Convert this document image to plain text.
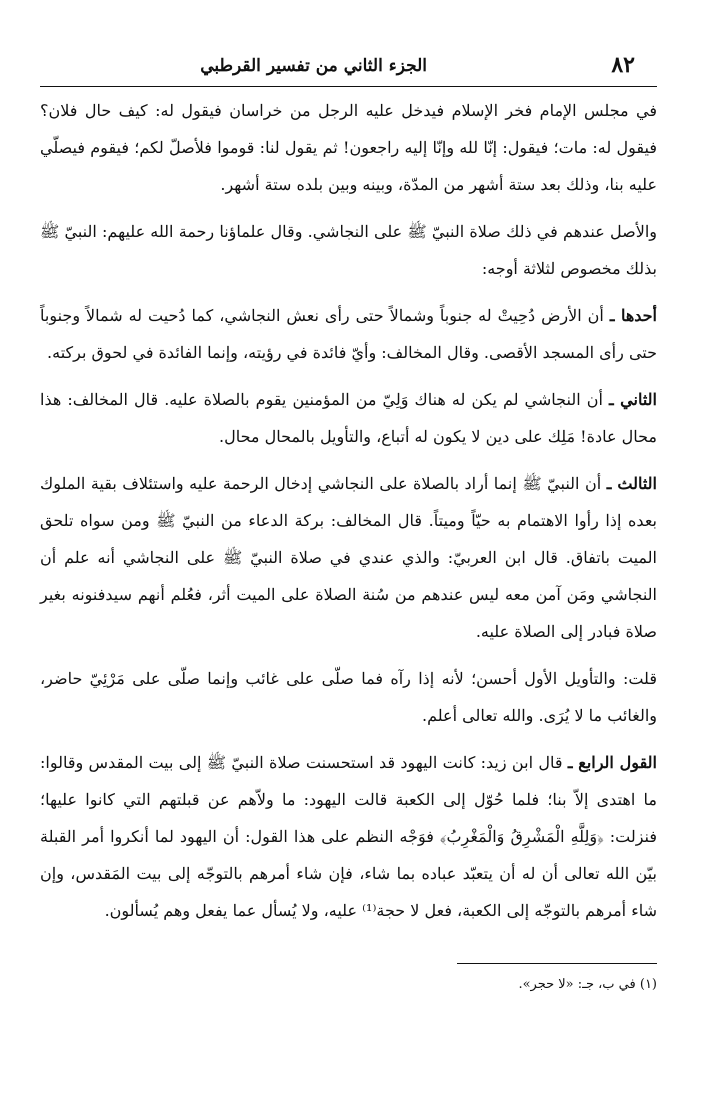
٨٢
الجزء الثاني من تفسير القرطبي

في مجلس الإمام فخر الإسلام فيدخل عليه الرجل من خراسان فيقول له: كيف حال فلان؟ فيقول له: مات؛ فيقول: إنّا لله وإنّا إليه راجعون! ثم يقول لنا: قوموا فلأصلّ لكم؛ فيقوم فيصلّي عليه بنا، وذلك بعد ستة أشهر من المدّة، وبينه وبين بلده ستة أشهر.

والأصل عندهم في ذلك صلاة النبيّ ﷺ على النجاشي. وقال علماؤنا رحمة الله عليهم: النبيّ ﷺ بذلك مخصوص لثلاثة أوجه:

أحدها ـ أن الأرض دُحِيتْ له جنوباً وشمالاً حتى رأى نعش النجاشي، كما دُحيت له شمالاً وجنوباً حتى رأى المسجد الأقصى. وقال المخالف: وأيّ فائدة في رؤيته، وإنما الفائدة في لحوق بركته.

الثاني ـ أن النجاشي لم يكن له هناك وَلِيّ من المؤمنين يقوم بالصلاة عليه. قال المخالف: هذا محال عادة! مَلِك على دين لا يكون له أتباع، والتأويل بالمحال محال.

الثالث ـ أن النبيّ ﷺ إنما أراد بالصلاة على النجاشي إدخال الرحمة عليه واستئلاف بقية الملوك بعده إذا رأوا الاهتمام به حيّاً وميتاً. قال المخالف: بركة الدعاء من النبيّ ﷺ ومن سواه تلحق الميت باتفاق. قال ابن العربيّ: والذي عندي في صلاة النبيّ ﷺ على النجاشي أنه علم أن النجاشي ومَن آمن معه ليس عندهم من سُنة الصلاة على الميت أثر، فعُلم أنهم سيدفنونه بغير صلاة فبادر إلى الصلاة عليه.

قلت: والتأويل الأول أحسن؛ لأنه إذا رآه فما صلّى على غائب وإنما صلّى على مَرْئِيّ حاضر، والغائب ما لا يُرَى. والله تعالى أعلم.

القول الرابع ـ قال ابن زيد: كانت اليهود قد استحسنت صلاة النبيّ ﷺ إلى بيت المقدس وقالوا: ما اهتدى إلاّ بنا؛ فلما حُوّل إلى الكعبة قالت اليهود: ما ولاّهم عن قبلتهم التي كانوا عليها؛ فنزلت: ﴿وَلِلَّهِ الْمَشْرِقُ وَالْمَغْرِبُ﴾ فوَجْه النظم على هذا القول: أن اليهود لما أنكروا أمر القبلة بيّن الله تعالى أن له أن يتعبّد عباده بما شاء، فإن شاء أمرهم بالتوجّه إلى بيت المَقدس، وإن شاء أمرهم بالتوجّه إلى الكعبة، فعل لا حجة⁽¹⁾ عليه، ولا يُسأل عما يفعل وهم يُسألون.

(١) في ب، جـ: «لا حجر».
